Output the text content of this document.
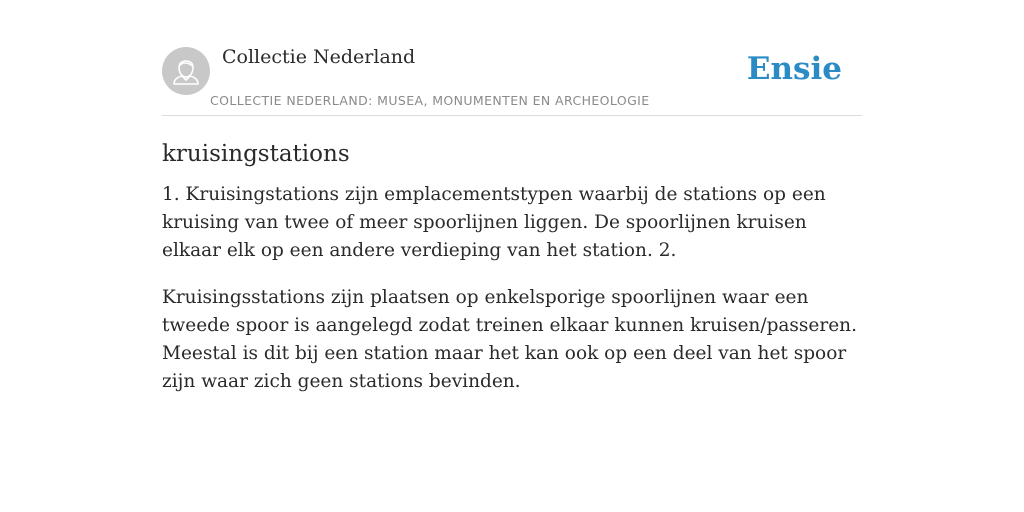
Collectie Nederland
COLLECTIE NEDERLAND: MUSEA, MONUMENTEN EN ARCHEOLOGIE
Ensie
kruisingstations

1. Kruisingstations zijn emplacementstypen waarbij de stations op een kruising van twee of meer spoorlijnen liggen. De spoorlijnen kruisen elkaar elk op een andere verdieping van het station. 2.

Kruisingsstations zijn plaatsen op enkelsporige spoorlijnen waar een tweede spoor is aangelegd zodat treinen elkaar kunnen kruisen/passeren. Meestal is dit bij een station maar het kan ook op een deel van het spoor zijn waar zich geen stations bevinden.
